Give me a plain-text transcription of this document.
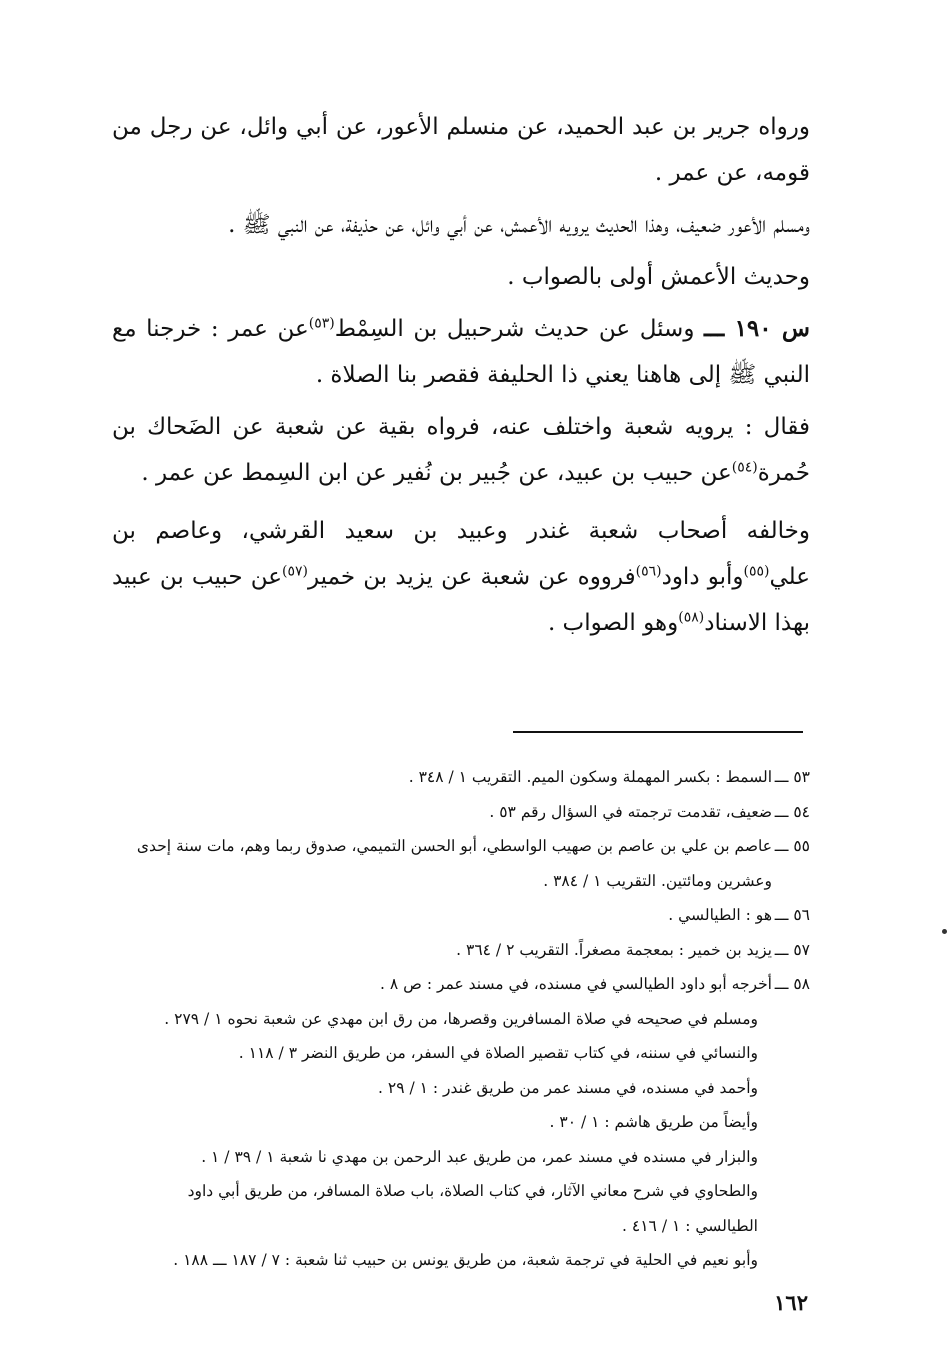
ورواه جرير بن عبد الحميد، عن منسلم الأعور، عن أبي وائل، عن رجل من قومه، عن عمر .

ومسلم الأعور ضعيف، وهذا الحديث يرويه الأعمش، عن أبي وائل، عن حذيفة، عن النبي ﷺ .

وحديث الأعمش أولى بالصواب .

س ١٩٠ ـــ وسئل عن حديث شرحبيل بن السِمْط$^{(٥٣)}$عن عمر : خرجنا مع النبي ﷺ إلى هاهنا يعني ذا الحليفة فقصر بنا الصلاة .

فقال : يرويه شعبة واختلف عنه، فرواه بقية عن شعبة عن الضَحاك بن حُمرة$^{(٥٤)}$عن حبيب بن عبيد، عن جُبير بن نُفير عن ابن السِمط عن عمر .

وخالفه أصحاب شعبة غندر وعبيد بن سعيد القرشي، وعاصم بن علي$^{(٥٥)}$وأبو داود$^{(٥٦)}$فرووه عن شعبة عن يزيد بن خمير$^{(٥٧)}$عن حبيب بن عبيد بهذا الاسناد$^{(٥٨)}$وهو الصواب .

٥٣ ـــالسمط : بكسر المهملة وسكون الميم. التقريب ١ / ٣٤٨ .

٥٤ ـــضعيف، تقدمت ترجمته في السؤال رقم ٥٣ .

٥٥ ـــعاصم بن علي بن عاصم بن صهيب الواسطي، أبو الحسن التميمي، صدوق ربما وهم، مات سنة إحدى

وعشرين ومائتين. التقريب ١ / ٣٨٤ .

٥٦ ـــهو : الطيالسي .

٥٧ ـــيزيد بن خمير : بمعجمة مصغراً. التقريب ٢ / ٣٦٤ .

٥٨ ـــأخرجه أبو داود الطيالسي في مسنده، في مسند عمر : ص ٨ .

ومسلم في صحيحه في صلاة المسافرين وقصرها، من رق ابن مهدي عن شعبة نحوه ١ / ٢٧٩ .

والنسائي في سننه، في كتاب تقصير الصلاة في السفر، من طريق النضر ٣ / ١١٨ .

وأحمد في مسنده، في مسند عمر من طريق غندر : ١ / ٢٩ .

وأيضاً من طريق هاشم : ١ / ٣٠ .

والبزار في مسنده في مسند عمر، من طريق عبد الرحمن بن مهدي نا شعبة ١ / ٣٩ / ١ .

والطحاوي في شرح معاني الآثار، في كتاب الصلاة، باب صلاة المسافر، من طريق أبي داود

الطيالسي : ١ / ٤١٦ .

وأبو نعيم في الحلية في ترجمة شعبة، من طريق يونس بن حبيب ثنا شعبة : ٧ / ١٨٧ ـــ ١٨٨ .

١٦٢
